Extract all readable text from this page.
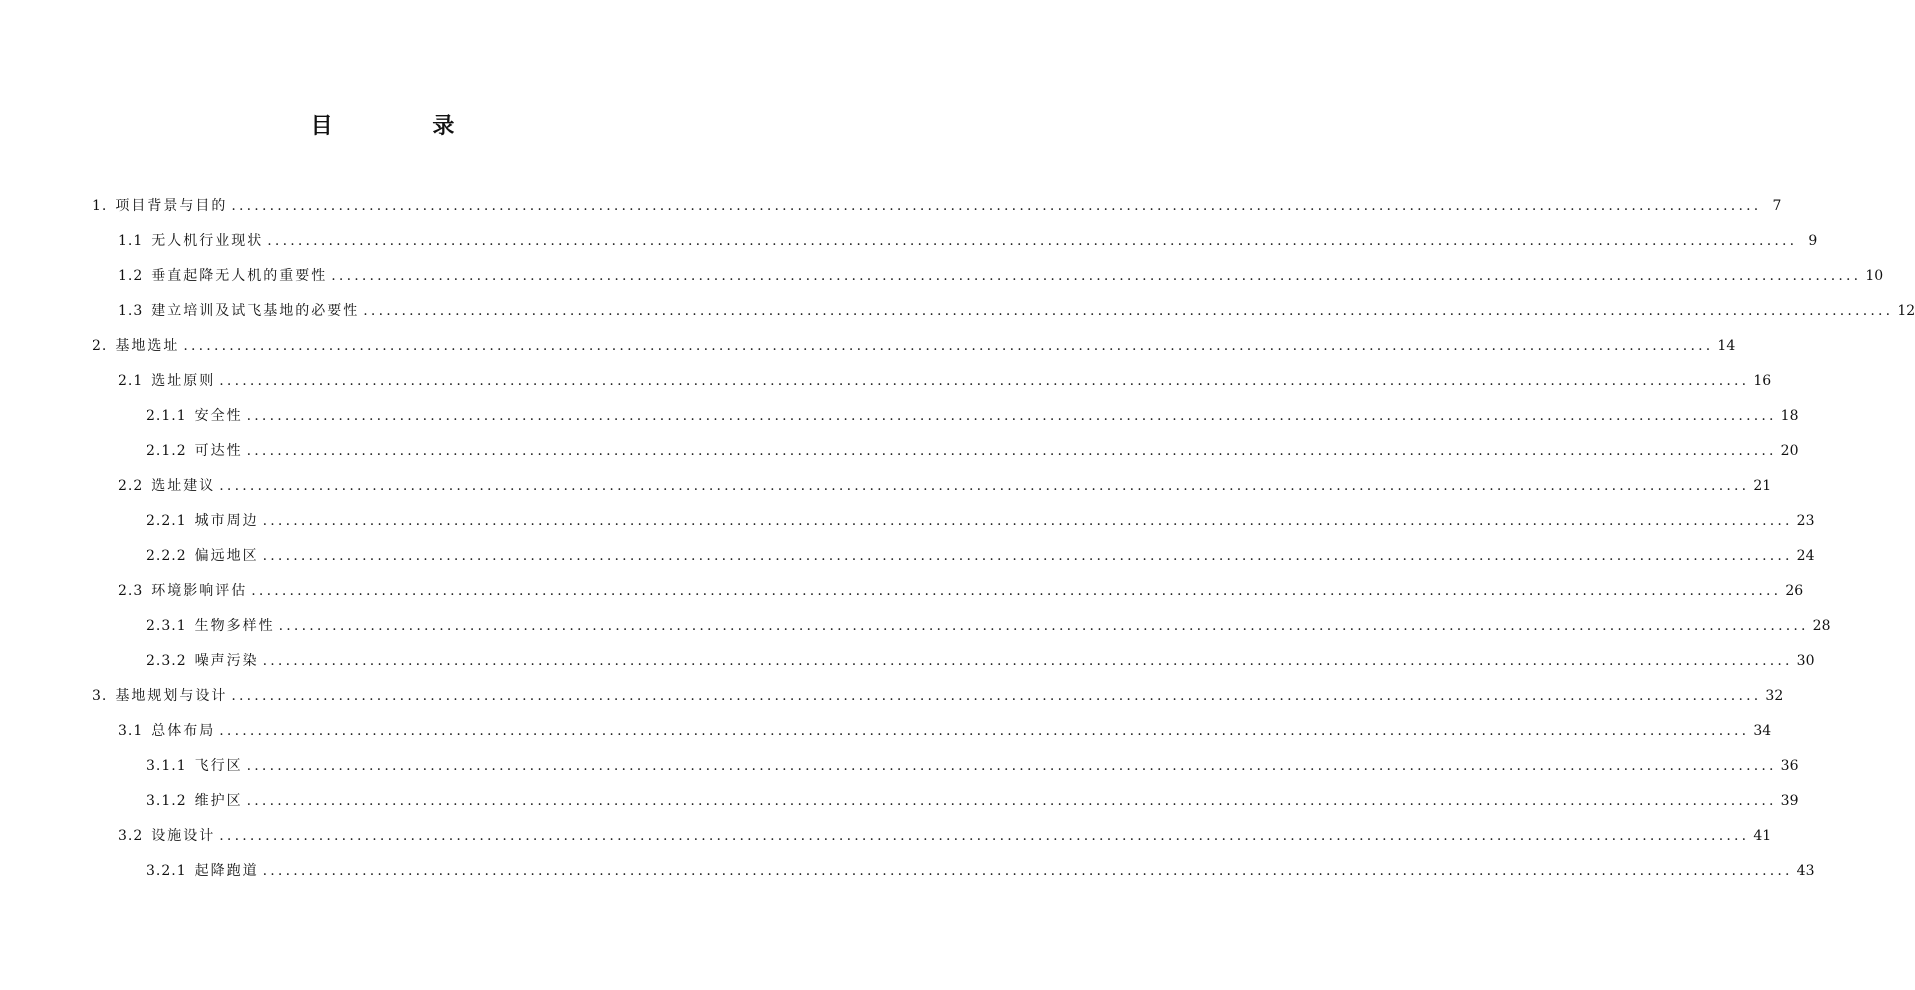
目 录
1. 项目背景与目的 ........................................................................................................................................................................................................ 7
1.1 无人机行业现状 ........................................................................................................................................................................................................ 9
1.2 垂直起降无人机的重要性 ........................................................................................................................................................................................................ 10
1.3 建立培训及试飞基地的必要性 ........................................................................................................................................................................................................ 12
2. 基地选址 ........................................................................................................................................................................................................ 14
2.1 选址原则 ........................................................................................................................................................................................................ 16
2.1.1 安全性 ........................................................................................................................................................................................................ 18
2.1.2 可达性 ........................................................................................................................................................................................................ 20
2.2 选址建议 ........................................................................................................................................................................................................ 21
2.2.1 城市周边 ........................................................................................................................................................................................................ 23
2.2.2 偏远地区 ........................................................................................................................................................................................................ 24
2.3 环境影响评估 ........................................................................................................................................................................................................ 26
2.3.1 生物多样性 ........................................................................................................................................................................................................ 28
2.3.2 噪声污染 ........................................................................................................................................................................................................ 30
3. 基地规划与设计 ........................................................................................................................................................................................................ 32
3.1 总体布局 ........................................................................................................................................................................................................ 34
3.1.1 飞行区 ........................................................................................................................................................................................................ 36
3.1.2 维护区 ........................................................................................................................................................................................................ 39
3.2 设施设计 ........................................................................................................................................................................................................ 41
3.2.1 起降跑道 ........................................................................................................................................................................................................ 43
